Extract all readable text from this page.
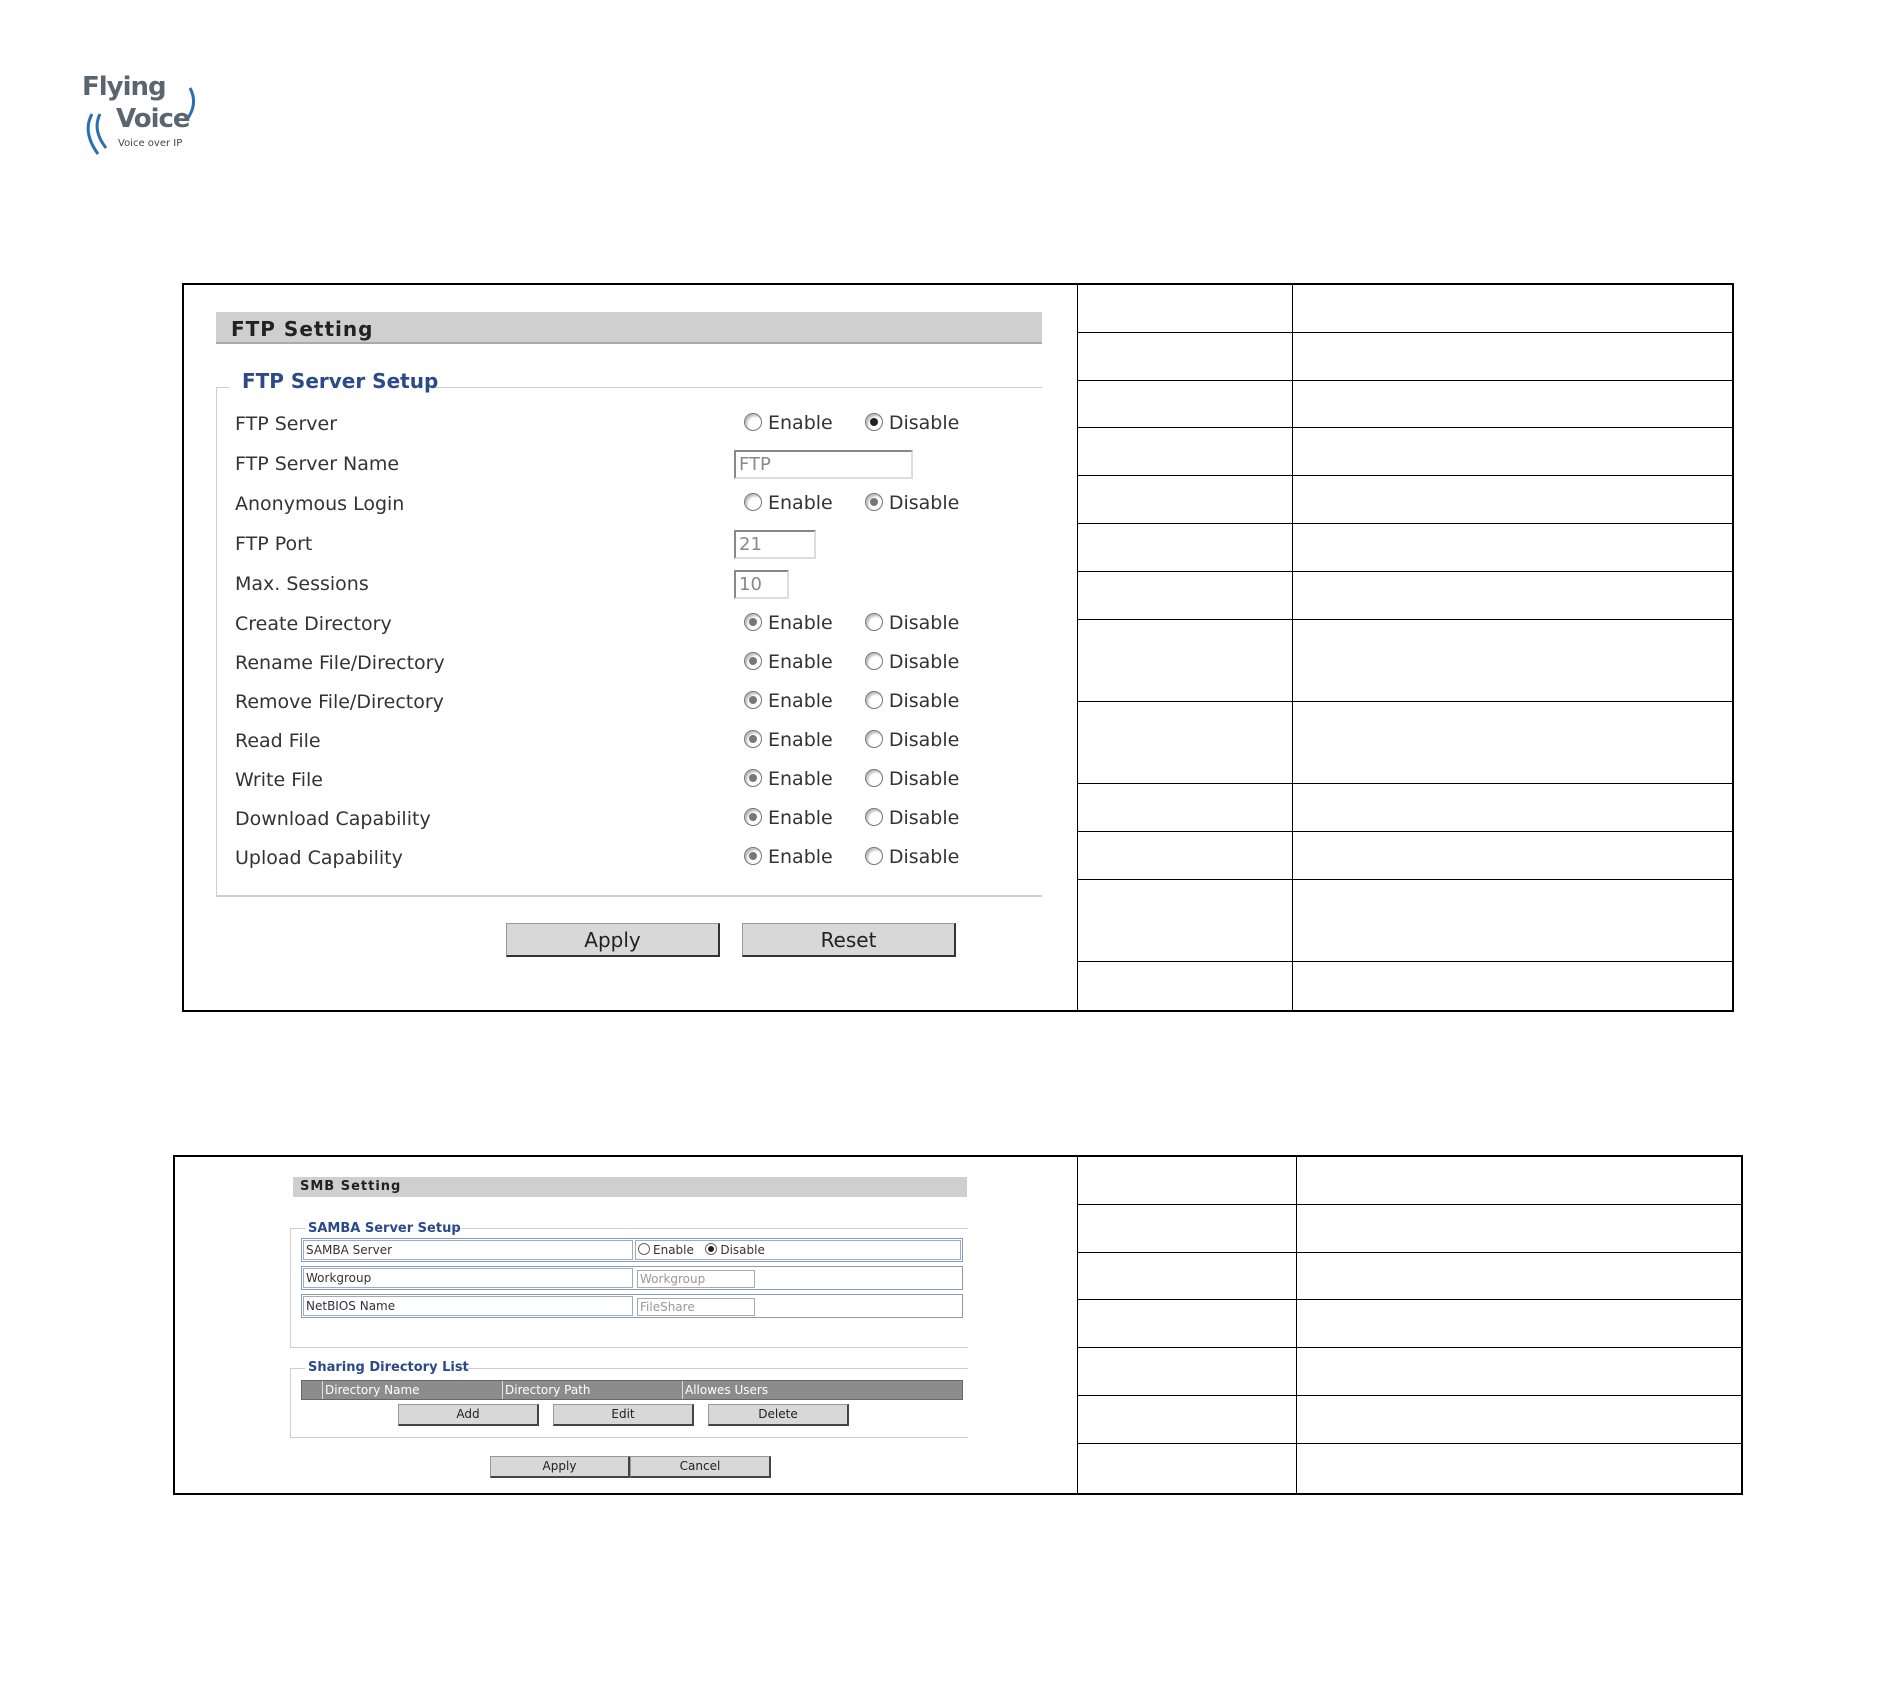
Flying
Voice
Voice over IP
FTP Setting
FTP Server Setup
FTP Server	Enable	Disable
FTP Server Name	FTP
Anonymous Login	Enable	Disable
FTP Port	21
Max. Sessions	10
Create Directory	Enable	Disable
Rename File/Directory	Enable	Disable
Remove File/Directory	Enable	Disable
Read File	Enable	Disable
Write File	Enable	Disable
Download Capability	Enable	Disable
Upload Capability	Enable	Disable
Apply	Reset
SMB Setting
SAMBA Server Setup
SAMBA Server	Enable Disable
Workgroup	Workgroup
NetBIOS Name	FileShare
Sharing Directory List
Directory Name	Directory Path	Allowes Users
Add	Edit	Delete
Apply	Cancel
